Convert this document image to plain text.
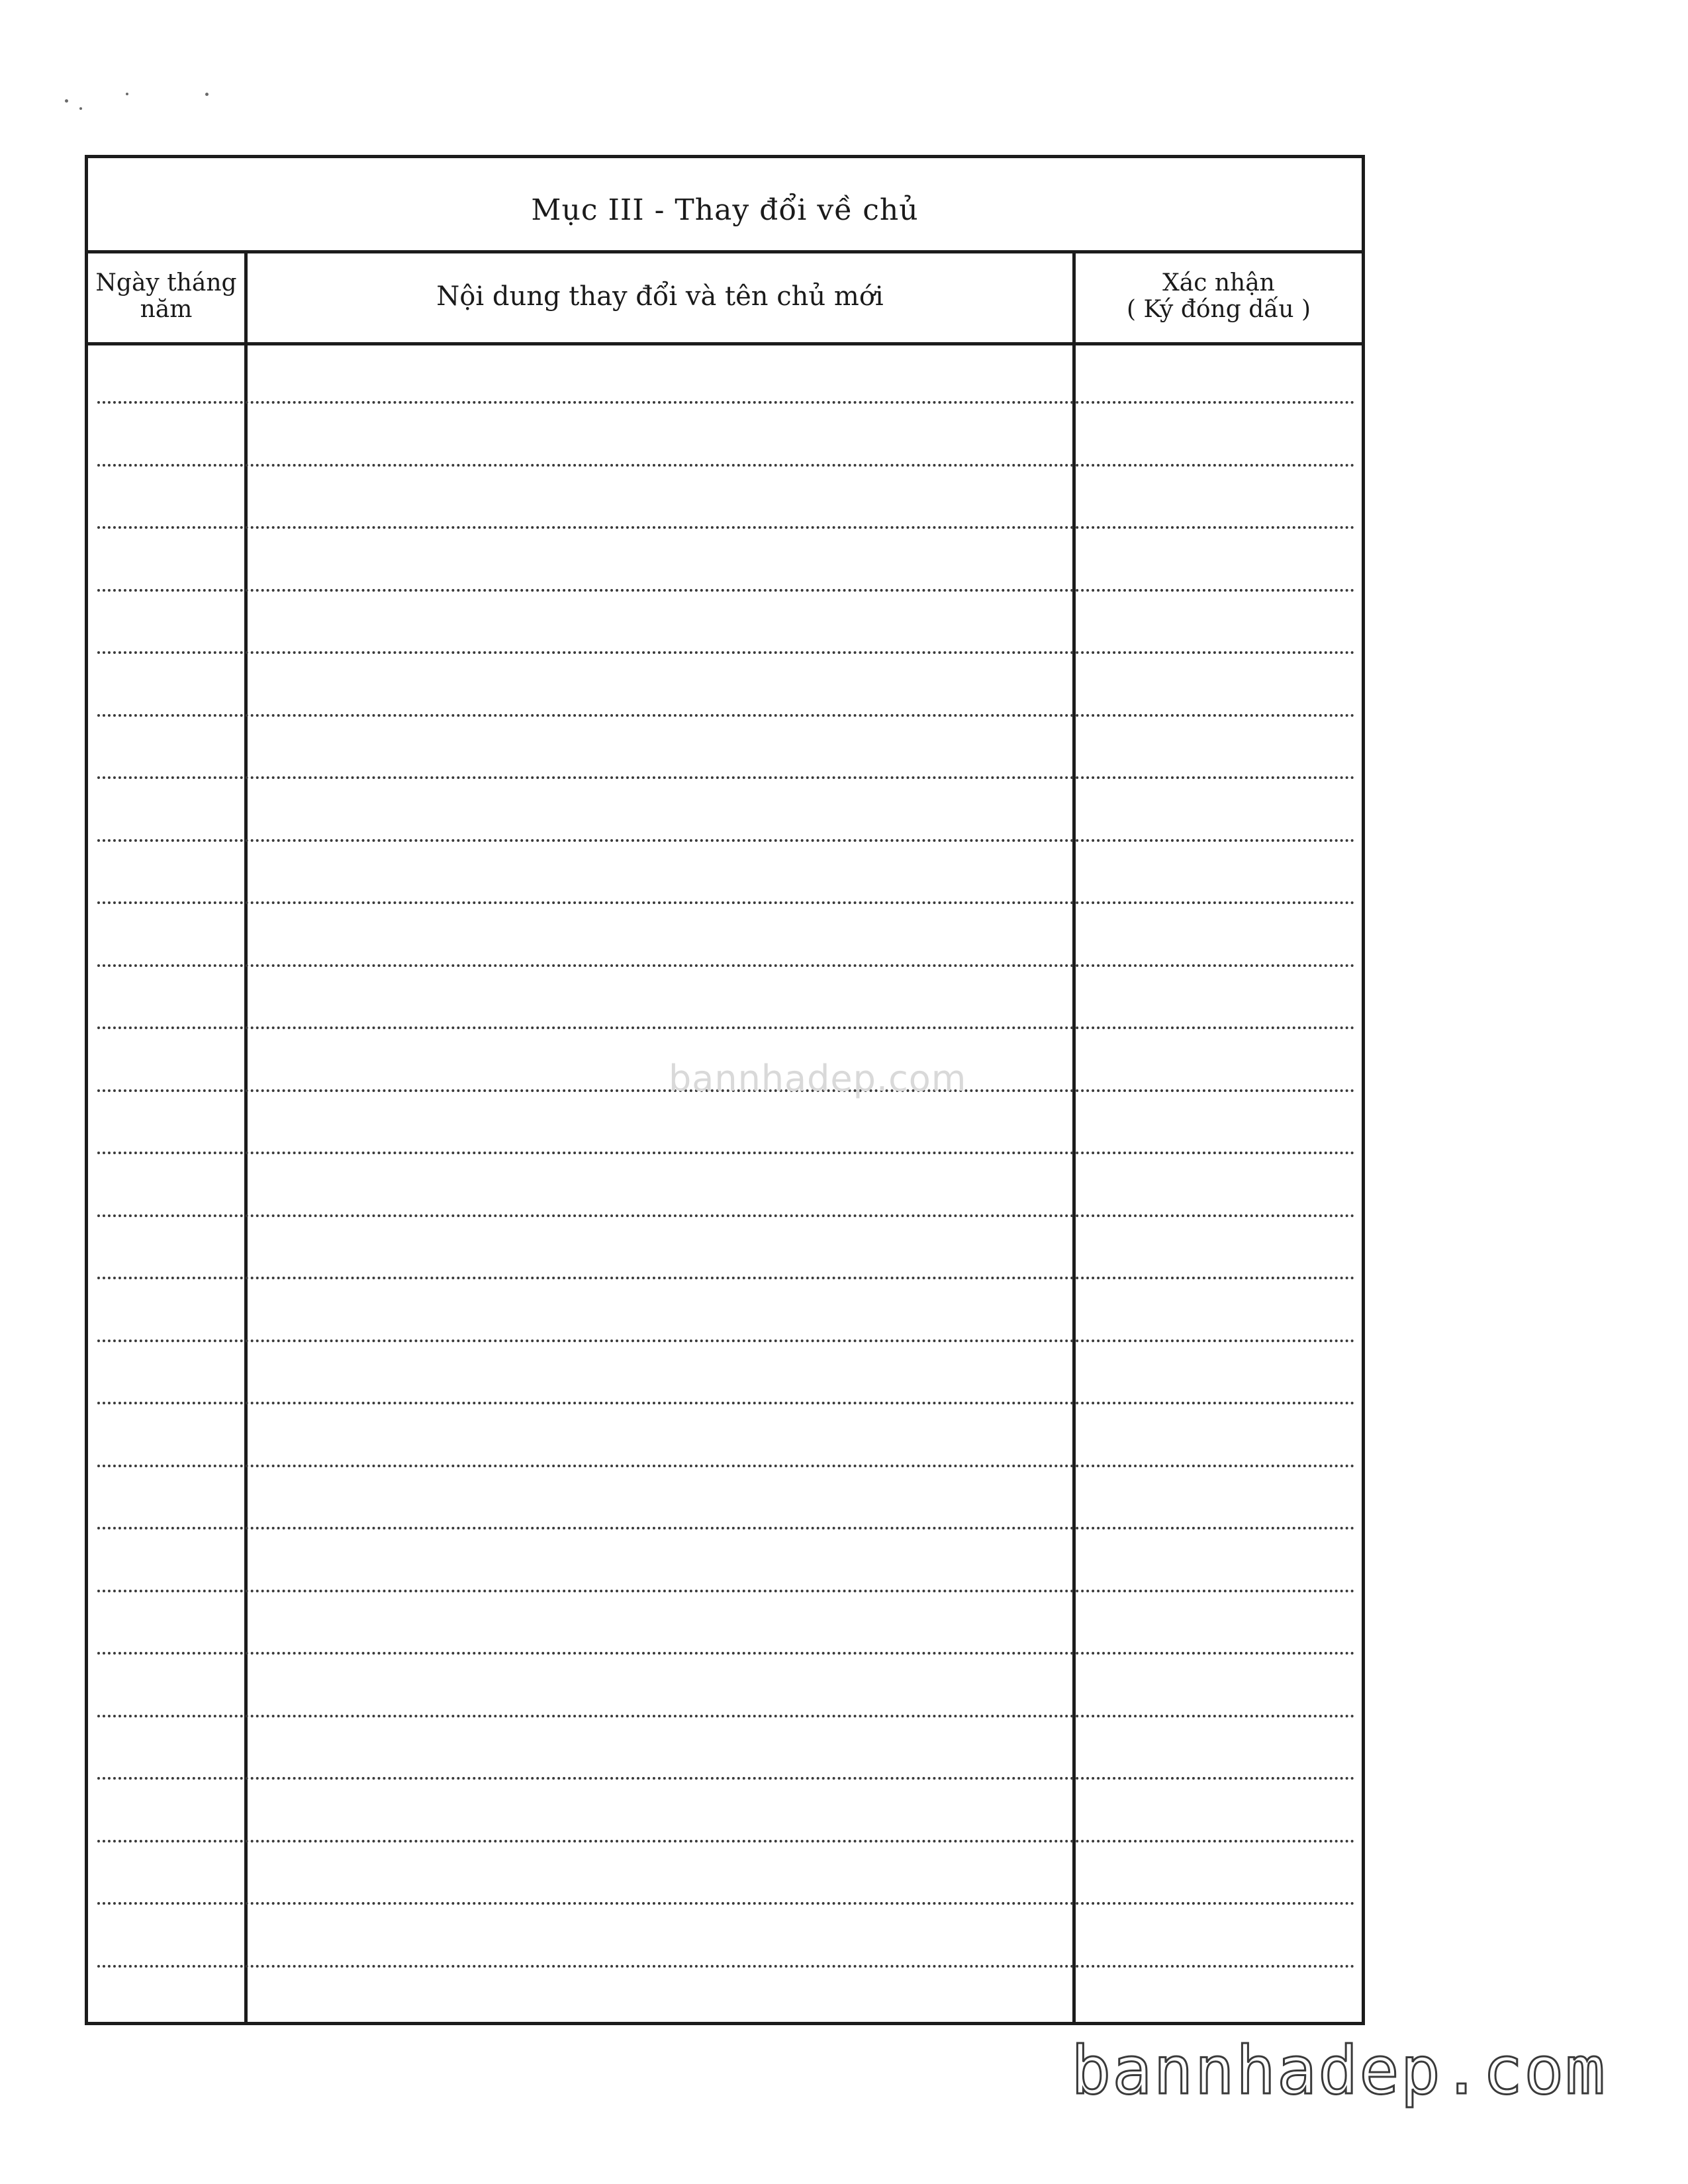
Mục III - Thay đổi về chủ
Ngày tháng
năm	Nội dung thay đổi và tên chủ mới	Xác nhận
( Ký đóng dấu )
bannhadep.com
bannhadep.com
